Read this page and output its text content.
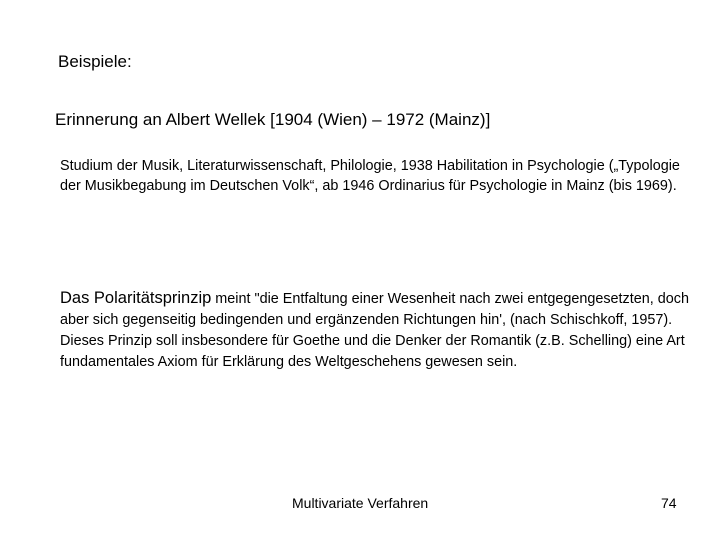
Beispiele:
Erinnerung an Albert Wellek [1904 (Wien) – 1972 (Mainz)]
Studium der Musik, Literaturwissenschaft, Philologie, 1938 Habilitation in Psychologie („Typologie der Musikbegabung im Deutschen Volk“, ab 1946 Ordinarius für Psychologie in Mainz (bis 1969).
Das Polaritätsprinzip meint "die Entfaltung einer Wesenheit nach zwei entgegengesetzten, doch aber sich gegenseitig bedingenden und ergänzenden Richtungen hin', (nach Schischkoff, 1957). Dieses Prinzip soll insbesondere für Goethe und die Denker der Romantik (z.B. Schelling) eine Art fundamentales Axiom für Erklärung des Weltgeschehens gewesen sein.
Multivariate Verfahren	74
